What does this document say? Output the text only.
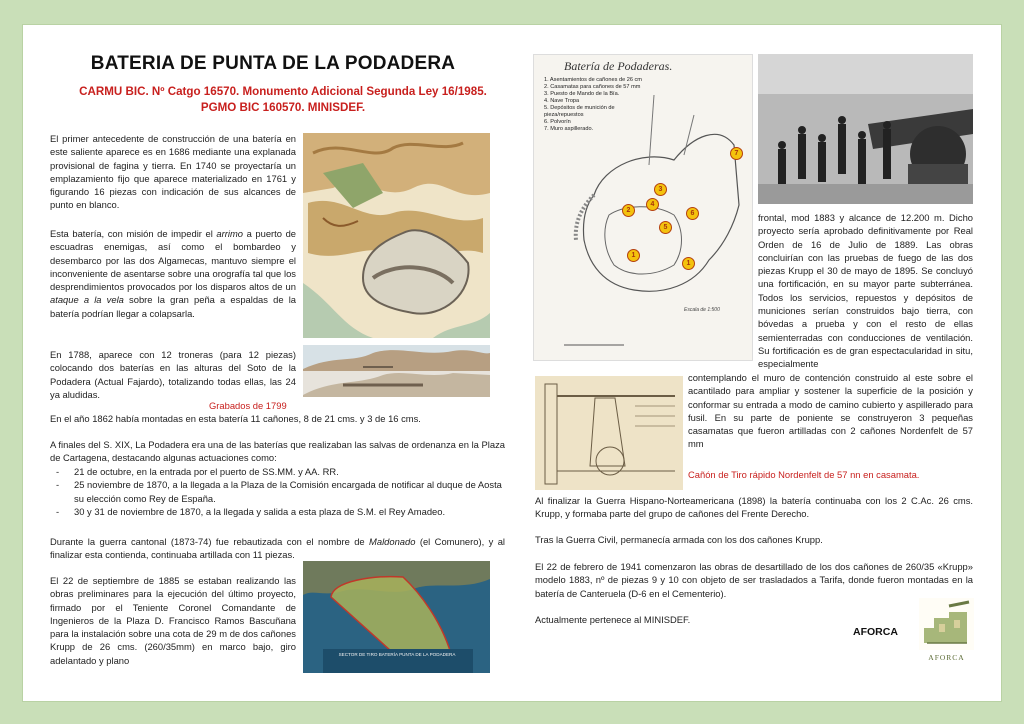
BATERIA DE PUNTA DE LA PODADERA

CARMU BIC. Nº Catgo 16570. Monumento Adicional Segunda Ley 16/1985.

PGMO BIC 160570. MINISDEF.

El primer antecedente de construcción de una batería en este saliente aparece es en 1686 mediante una explanada provisional de fagina y tierra. En 1740 se proyectaría un emplazamiento fijo que aparece materializado en 1761 y figurando 16 piezas con indicación de sus alcances de punto en blanco.

Esta batería, con misión de impedir el arrimo a puerto de escuadras enemigas, así como el bombardeo y desembarco por las dos Algamecas, mantuvo siempre el inconveniente de asentarse sobre una orografía tal que los desprendimientos provocados por los disparos altos de un ataque a la vela sobre la gran peña a espaldas de la batería podrían llegar a colapsarla.

En 1788, aparece con 12 troneras (para 12 piezas) colocando dos baterías en las alturas del Soto de la Podadera (Actual Fajardo), totalizando todas ellas, las 24 ya aludidas.

Grabados de 1799

En el año 1862 había montadas en esta batería 11 cañones, 8 de 21 cms. y 3 de 16 cms.

A finales del S. XIX, La Podadera era una de las baterías que realizaban las salvas de ordenanza en la Plaza de Cartagena, destacando algunas actuaciones como:

- 21 de octubre, en la entrada por el puerto de SS.MM. y AA. RR.
- 25 noviembre de 1870, a la llegada a la Plaza de la Comisión encargada de notificar al duque de Aosta su elección como Rey de España.
- 30 y 31 de noviembre de 1870, a la llegada y salida a esta plaza de S.M. el Rey Amadeo.

Durante la guerra cantonal (1873-74) fue rebautizada con el nombre de Maldonado (el Comunero), y al finalizar esta contienda, continuaba artillada con 11 piezas.

El 22 de septiembre de 1885 se estaban realizando las obras preliminares para la ejecución del último proyecto, firmado por el Teniente Coronel Comandante de Ingenieros de la Plaza D. Francisco Ramos Bascuñana para la instalación sobre una cota de 29 m de dos cañones Krupp de 26 cms. (260/35mm) en marco bajo, giro adelantado y plano

SECTOR DE TIRO BATERÍA PUNTA DE LA PODADERA
Batería de Podaderas.
1. Asentamientos de cañones de 26 cm
2. Casamatas para cañones de 57 mm
3. Puesto de Mando de la Bía.
4. Nave Tropa
5. Depósitos de munición de pieza/repuestos
6. Polvorín
7. Muro aspillerado.
7
3
4
2
5
6
1
1
Escala de 1:500

frontal, mod 1883 y alcance de 12.200 m. Dicho proyecto sería aprobado definitivamente por Real Orden de 16 de Julio de 1889. Las obras concluirían con las pruebas de fuego de las dos piezas Krupp el 30 de mayo de 1895. Se concluyó una fortificación, en su mayor parte subterránea. Todos los servicios, repuestos y depósitos de municiones serían construidos bajo tierra, con bóvedas a prueba y con el resto de ellas semienterradas con conducciones de ventilación. Su fortificación es de gran espectacularidad in situ, especialmente

contemplando el muro de contención construido al este sobre el acantilado para ampliar y sostener la superficie de la posición y conformar su entrada a modo de camino cubierto y aspillerado para fusil. En su parte de poniente se construyeron 3 pequeñas casamatas que fueron artilladas con 2 cañones Nordenfelt de 57 mm

Cañón de Tiro rápido Nordenfelt de 57 nn en casamata.

Al finalizar la Guerra Hispano-Norteamericana (1898) la batería continuaba con los 2 C.Ac. 26 cms. Krupp, y formaba parte del grupo de cañones del Frente Derecho.

Tras la Guerra Civil, permanecía armada con los dos cañones Krupp.

El 22 de febrero de 1941 comenzaron las obras de desartillado de los dos cañones de 260/35 «Krupp» modelo 1883, nº de piezas 9 y 10 con objeto de ser trasladados a Tarifa, donde fueron montadas en la batería de Canteruela (D-6 en el Cementerio).

Actualmente pertenece al MINISDEF.

AFORCA
AFORCA
